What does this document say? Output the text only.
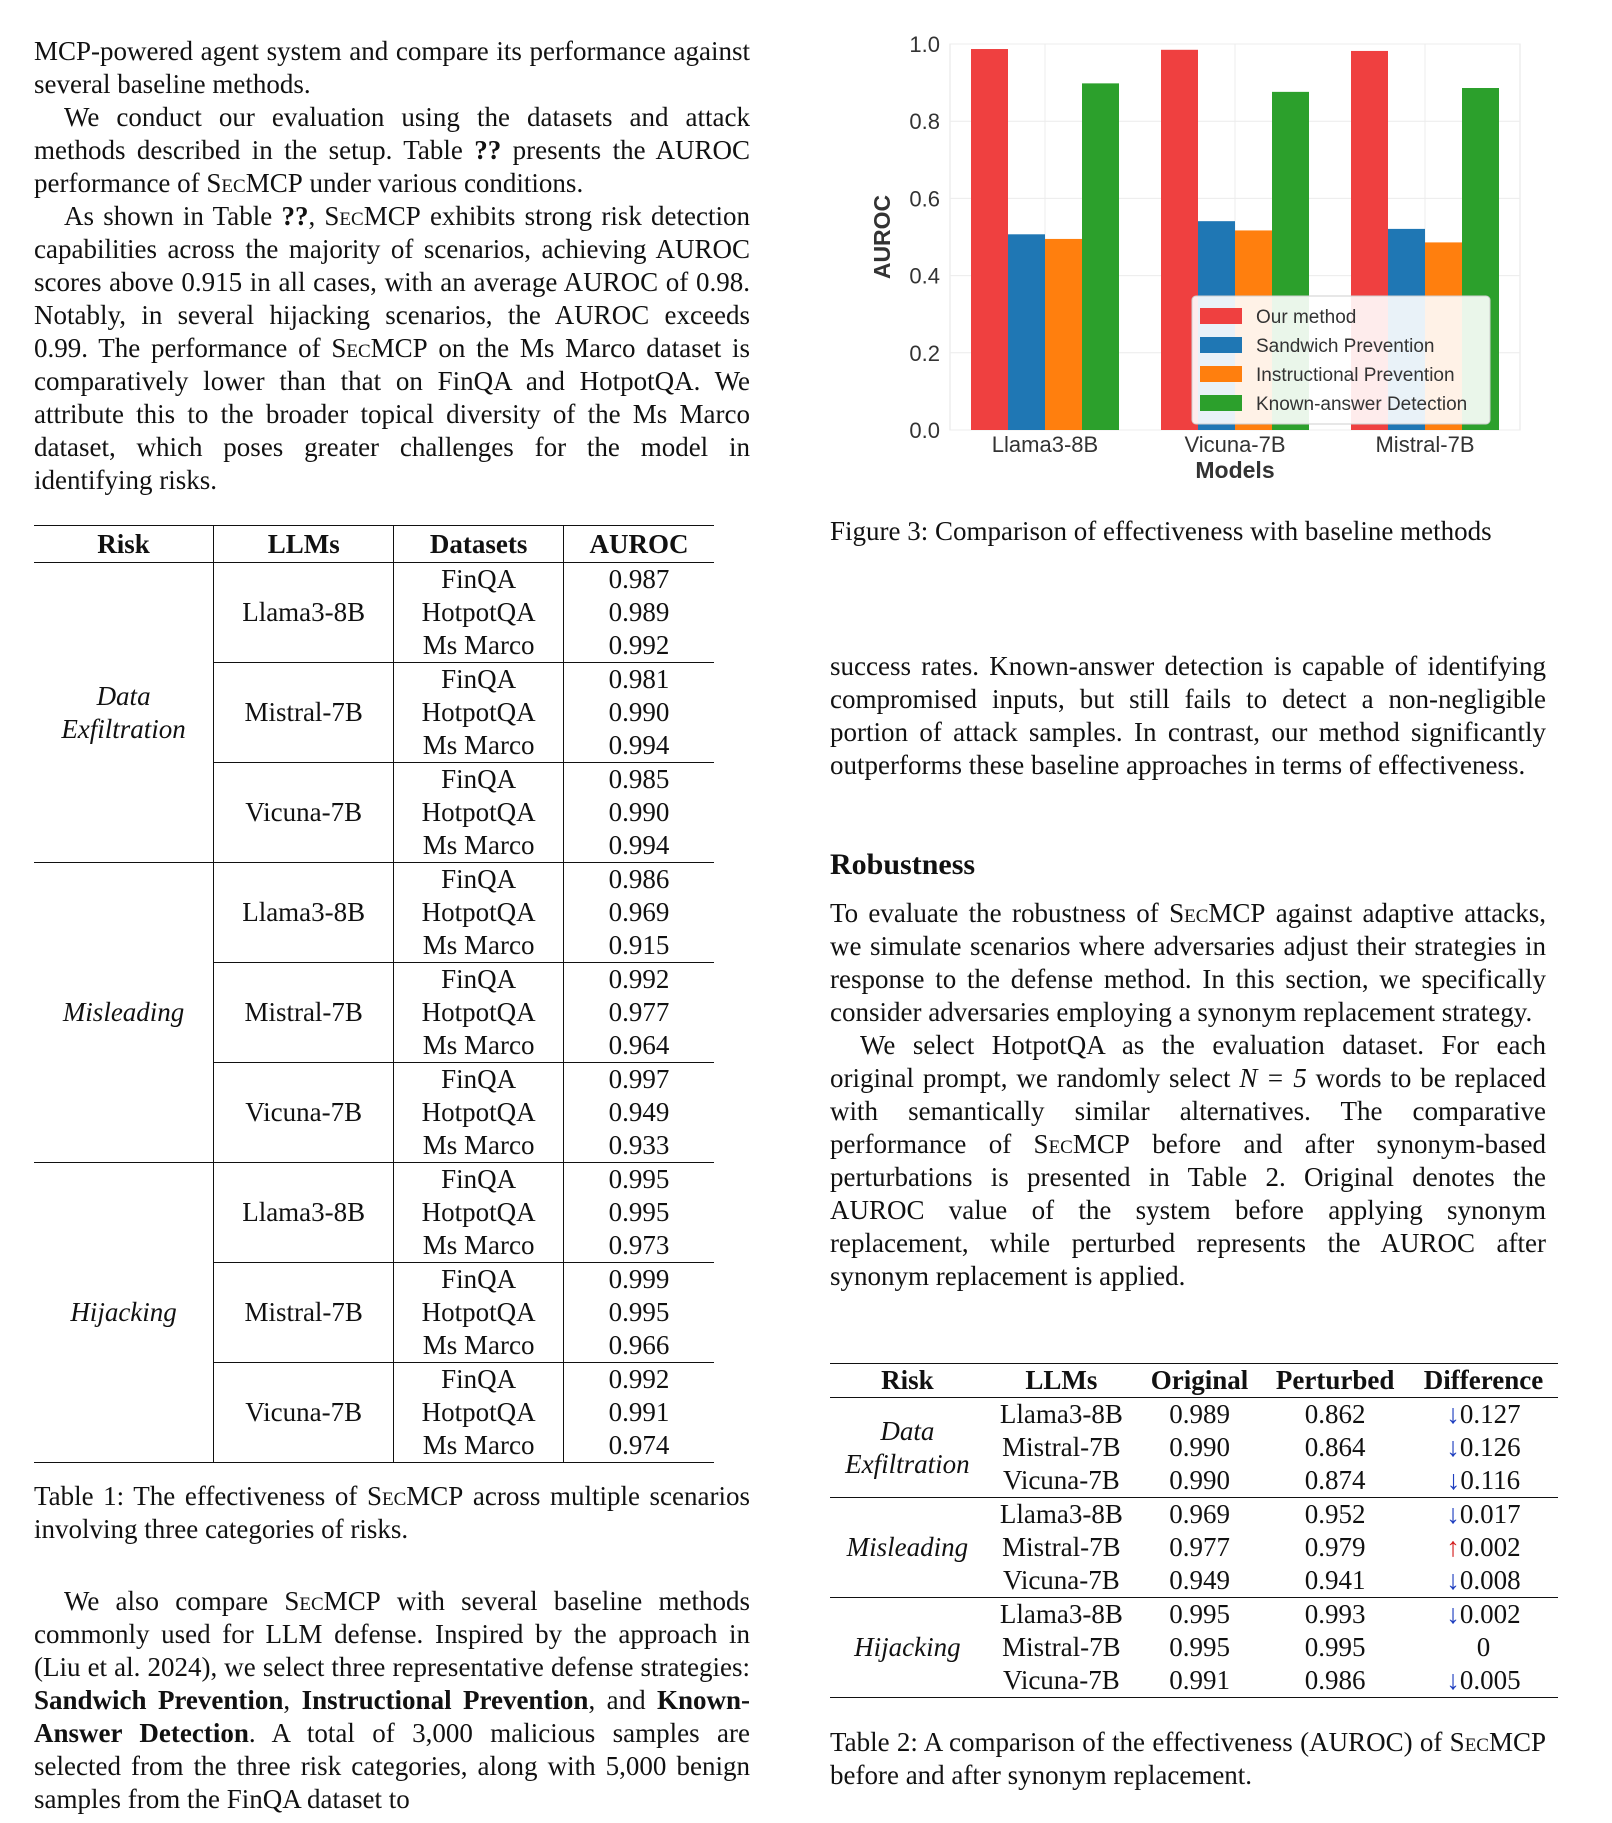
MCP-powered agent system and compare its performance against several baseline methods.

We conduct our evaluation using the datasets and attack methods described in the setup. Table ?? presents the AUROC performance of SecMCP under various conditions.

As shown in Table ??, SecMCP exhibits strong risk detection capabilities across the majority of scenarios, achieving AUROC scores above 0.915 in all cases, with an average AUROC of 0.98. Notably, in several hijacking scenarios, the AUROC exceeds 0.99. The performance of SecMCP on the Ms Marco dataset is comparatively lower than that on FinQA and HotpotQA. We attribute this to the broader topical diversity of the Ms Marco dataset, which poses greater challenges for the model in identifying risks.

Risk	LLMs	Datasets	AUROC

Data
Exfiltration	Llama3-8B	FinQA	0.987
		HotpotQA	0.989
		Ms Marco	0.992
	Mistral-7B	FinQA	0.981
		HotpotQA	0.990
		Ms Marco	0.994
	Vicuna-7B	FinQA	0.985
		HotpotQA	0.990
		Ms Marco	0.994

Misleading	Llama3-8B	FinQA	0.986
		HotpotQA	0.969
		Ms Marco	0.915
	Mistral-7B	FinQA	0.992
		HotpotQA	0.977
		Ms Marco	0.964
	Vicuna-7B	FinQA	0.997
		HotpotQA	0.949
		Ms Marco	0.933

Hijacking	Llama3-8B	FinQA	0.995
		HotpotQA	0.995
		Ms Marco	0.973
	Mistral-7B	FinQA	0.999
		HotpotQA	0.995
		Ms Marco	0.966
	Vicuna-7B	FinQA	0.992
		HotpotQA	0.991
		Ms Marco	0.974

Table 1: The effectiveness of SecMCP across multiple scenarios involving three categories of risks.

We also compare SecMCP with several baseline methods commonly used for LLM defense. Inspired by the approach in (Liu et al. 2024), we select three representative defense strategies: Sandwich Prevention, Instructional Prevention, and Known-Answer Detection. A total of 3,000 malicious samples are selected from the three risk categories, along with 5,000 benign samples from the FinQA dataset to

0.0
0.2
0.4
0.6
0.8
1.0
Llama3-8B	Vicuna-7B	Mistral-7B
Models
AUROC
Our method
Sandwich Prevention
Instructional Prevention
Known-answer Detection

Figure 3: Comparison of effectiveness with baseline methods

success rates. Known-answer detection is capable of identifying compromised inputs, but still fails to detect a non-negligible portion of attack samples. In contrast, our method significantly outperforms these baseline approaches in terms of effectiveness.

Robustness

To evaluate the robustness of SecMCP against adaptive attacks, we simulate scenarios where adversaries adjust their strategies in response to the defense method. In this section, we specifically consider adversaries employing a synonym replacement strategy.

We select HotpotQA as the evaluation dataset. For each original prompt, we randomly select N = 5 words to be replaced with semantically similar alternatives. The comparative performance of SecMCP before and after synonym-based perturbations is presented in Table 2. Original denotes the AUROC value of the system before applying synonym replacement, while perturbed represents the AUROC after synonym replacement is applied.

Risk	LLMs	Original	Perturbed	Difference

Data
Exfiltration	Llama3-8B	0.989	0.862	↓0.127
	Mistral-7B	0.990	0.864	↓0.126
	Vicuna-7B	0.990	0.874	↓0.116

Misleading	Llama3-8B	0.969	0.952	↓0.017
	Mistral-7B	0.977	0.979	↑0.002
	Vicuna-7B	0.949	0.941	↓0.008

Hijacking	Llama3-8B	0.995	0.993	↓0.002
	Mistral-7B	0.995	0.995	0
	Vicuna-7B	0.991	0.986	↓0.005

Table 2: A comparison of the effectiveness (AUROC) of SecMCP before and after synonym replacement.
